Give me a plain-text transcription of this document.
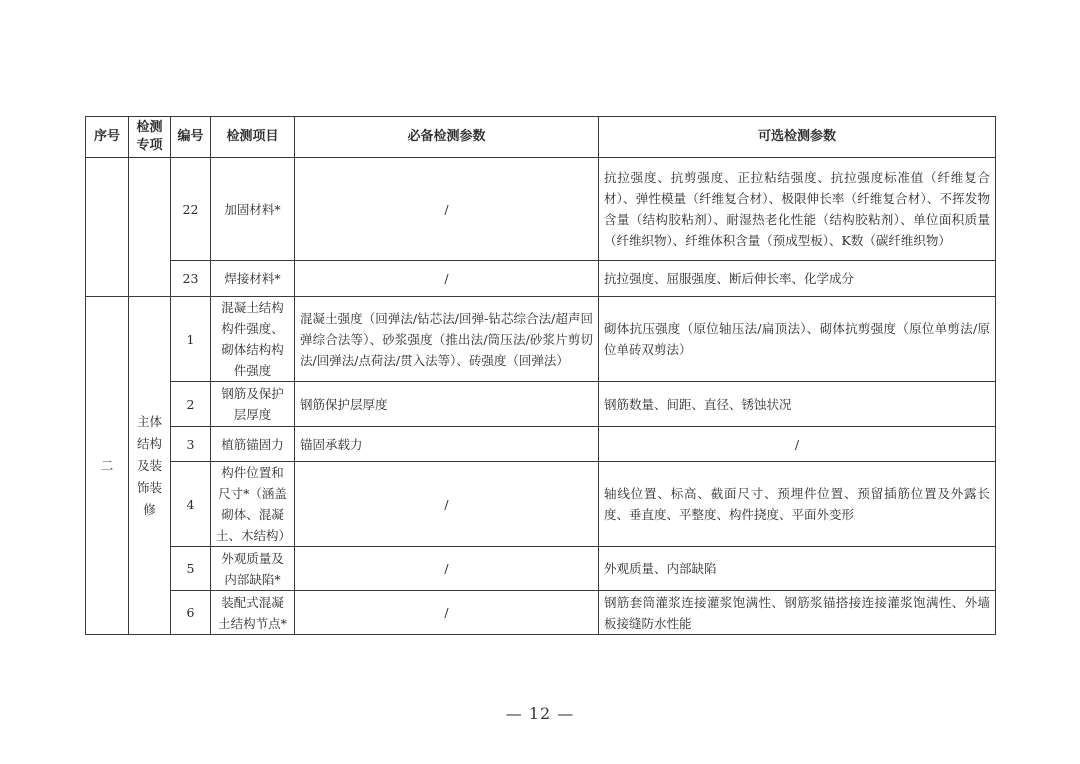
序号	检测专项	编号	检测项目	必备检测参数	可选检测参数
		22	加固材料*	/	抗拉强度、抗剪强度、正拉粘结强度、抗拉强度标准值（纤维复合材）、弹性模量（纤维复合材）、极限伸长率（纤维复合材）、不挥发物含量（结构胶粘剂）、耐湿热老化性能（结构胶粘剂）、单位面积质量（纤维织物）、纤维体积含量（预成型板）、K数（碳纤维织物）
		23	焊接材料*	/	抗拉强度、屈服强度、断后伸长率、化学成分
二	主体结构及装饰装修	1	混凝土结构构件强度、砌体结构构件强度	混凝土强度（回弹法/钻芯法/回弹-钻芯综合法/超声回弹综合法等）、砂浆强度（推出法/筒压法/砂浆片剪切法/回弹法/点荷法/贯入法等）、砖强度（回弹法）	砌体抗压强度（原位轴压法/扁顶法）、砌体抗剪强度（原位单剪法/原位单砖双剪法）
		2	钢筋及保护层厚度	钢筋保护层厚度	钢筋数量、间距、直径、锈蚀状况
		3	植筋锚固力	锚固承载力	/
		4	构件位置和尺寸*（涵盖砌体、混凝土、木结构）	/	轴线位置、标高、截面尺寸、预埋件位置、预留插筋位置及外露长度、垂直度、平整度、构件挠度、平面外变形
		5	外观质量及内部缺陷*	/	外观质量、内部缺陷
		6	装配式混凝土结构节点*	/	钢筋套筒灌浆连接灌浆饱满性、钢筋浆锚搭接连接灌浆饱满性、外墙板接缝防水性能
— 12 —
